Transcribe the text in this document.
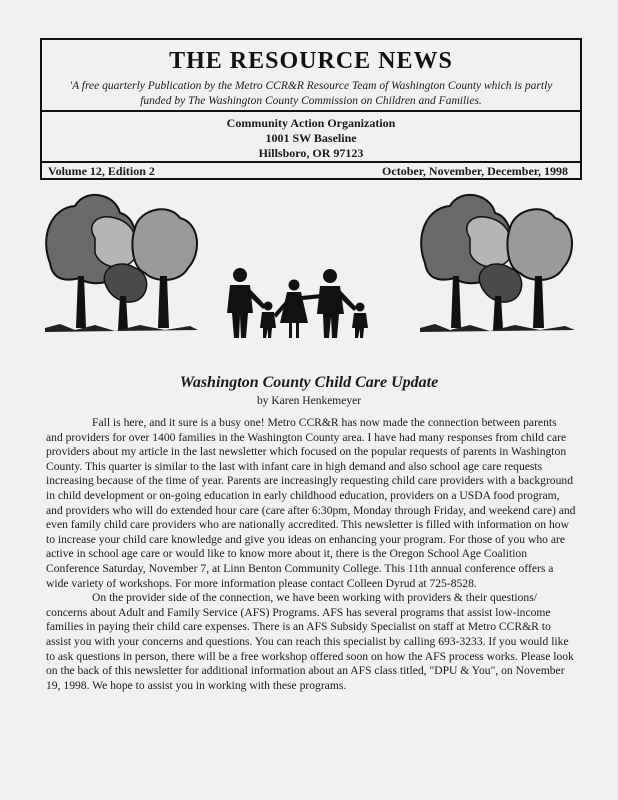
THE RESOURCE NEWS
'A free quarterly Publication by the Metro CCR&R Resource Team of Washington County which is partly
funded by The Washington County Commission on Children and Families.
Community Action Organization
1001 SW Baseline
Hillsboro, OR 97123
Volume 12, Edition 2	October, November, December, 1998
Washington County Child Care Update
by Karen Henkemeyer

Fall is here, and it sure is a busy one! Metro CCR&R has now made the connection between parents and providers for over 1400 families in the Washington County area. I have had many responses from child care providers about my article in the last newsletter which focused on the popular requests of parents in Washington County. This quarter is similar to the last with infant care in high demand and also school age care requests increasing because of the time of year. Parents are increasingly requesting child care providers with a background in child development or on-going education in early childhood education, providers on a USDA food program, and providers who will do extended hour care (care after 6:30pm, Monday through Friday, and weekend care) and even family child care providers who are nationally accredited. This newsletter is filled with information on how to increase your child care knowledge and give you ideas on enhancing your program. For those of you who are active in school age care or would like to know more about it, there is the Oregon School Age Coalition Conference Saturday, November 7, at Linn Benton Community College. This 11th annual conference offers a wide variety of workshops. For more information please contact Colleen Dyrud at 725-8528.

On the provider side of the connection, we have been working with providers & their questions/ concerns about Adult and Family Service (AFS) Programs. AFS has several programs that assist low-income families in paying their child care expenses. There is an AFS Subsidy Specialist on staff at Metro CCR&R to assist you with your concerns and questions. You can reach this specialist by calling 693-3233. If you would like to ask questions in person, there will be a free workshop offered soon on how the AFS process works. Please look on the back of this newsletter for additional information about an AFS class titled, "DPU & You", on November 19, 1998. We hope to assist you in working with these programs.
